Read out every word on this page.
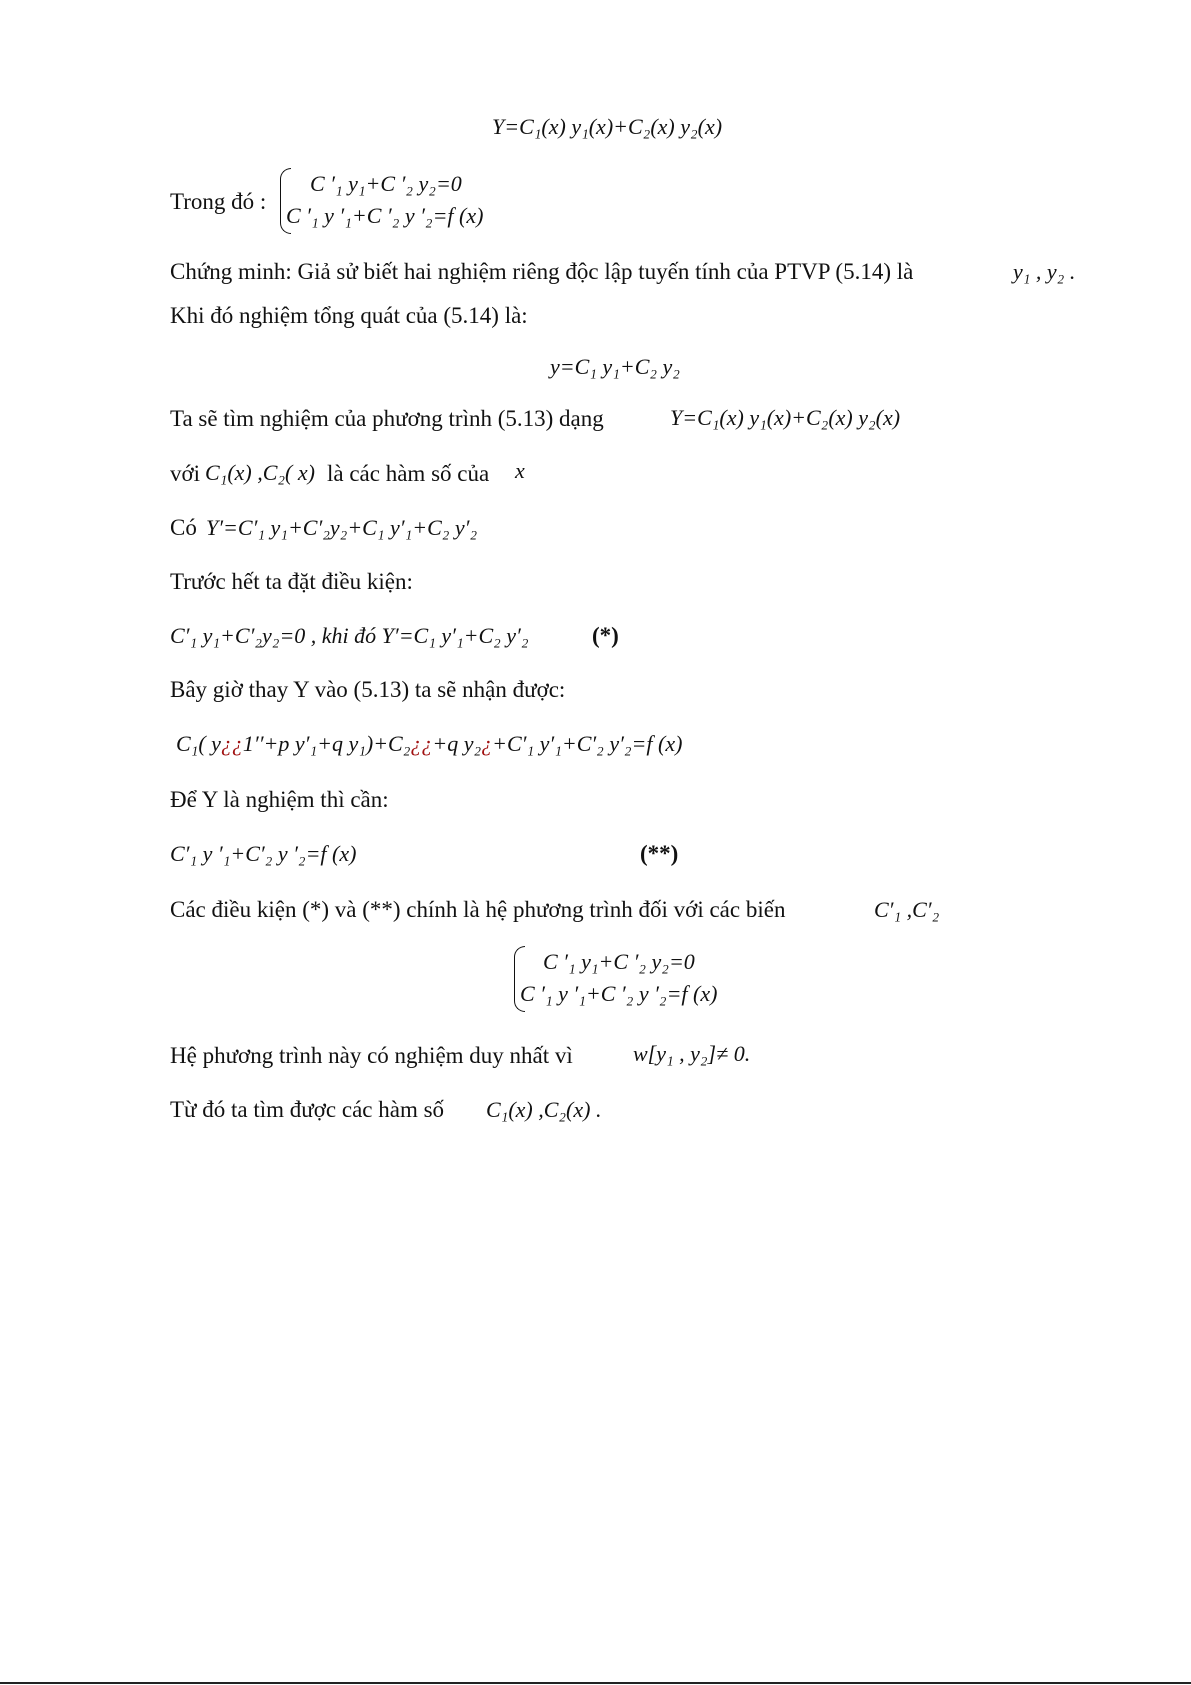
Y=C₁(x) y₁(x)+C₂(x) y₂(x)
Trong đó :
C ′₁ y₁+C ′₂ y₂=0
C ′₁ y ′₁+C ′₂ y ′₂=f (x)
Chứng minh: Giả sử biết hai nghiệm riêng độc lập tuyến tính của PTVP (5.14) là	y₁ , y₂ .
Khi đó nghiệm tổng quát của (5.14) là:
y=C₁ y₁+C₂ y₂
Ta sẽ tìm nghiệm của phương trình (5.13) dạng	Y=C₁(x) y₁(x)+C₂(x) y₂(x)
với C₁(x) ,C₂( x) là các hàm số của x
Có Y′=C′₁ y₁+C′₂y₂+C₁ y′₁+C₂ y′₂
Trước hết ta đặt điều kiện:
C′₁ y₁+C′₂y₂=0 , khi đó Y′=C₁ y′₁+C₂ y′₂	(*)
Bây giờ thay Y vào (5.13) ta sẽ nhận được:
C₁( y¿¿1′′+p y′₁+q y₁)+C₂¿¿+q y₂¿+C′₁ y′₁+C′₂ y′₂=f (x)
Để Y là nghiệm thì cần:
C′₁ y ′₁+C′₂ y ′₂=f (x)	(**)
Các điều kiện (*) và (**) chính là hệ phương trình đối với các biến	C′₁ ,C′₂
C ′₁ y₁+C ′₂ y₂=0
C ′₁ y ′₁+C ′₂ y ′₂=f (x)
Hệ phương trình này có nghiệm duy nhất vì	w[y₁ , y₂]≠ 0.
Từ đó ta tìm được các hàm số C₁(x) ,C₂(x) .
